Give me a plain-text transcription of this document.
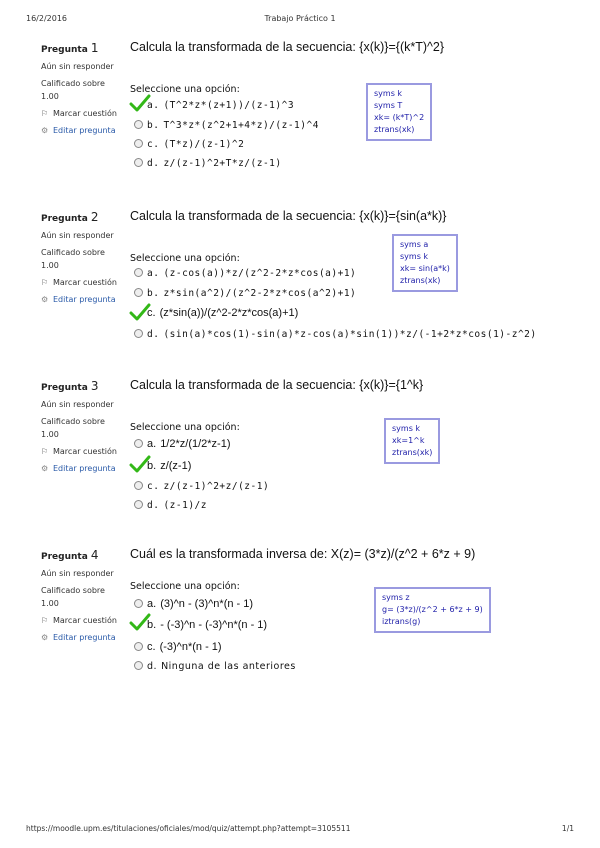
16/2/2016	Trabajo Práctico 1
Pregunta 1
Aún sin responder
Calificado sobre 1.00
⚐ Marcar cuestión
⚙ Editar pregunta
Calcula la transformada de la secuencia: {x(k)}={(k*T)^2}
Seleccione una opción:
a. (T^2*z*(z+1))/(z-1)^3
b. T^3*z*(z^2+1+4*z)/(z-1)^4
c. (T*z)/(z-1)^2
d. z/(z-1)^2+T*z/(z-1)
syms k
syms T
xk= (k*T)^2
ztrans(xk)
Pregunta 2
Aún sin responder
Calificado sobre 1.00
⚐ Marcar cuestión
⚙ Editar pregunta
Calcula la transformada de la secuencia: {x(k)}={sin(a*k)}
Seleccione una opción:
a. (z-cos(a))*z/(z^2-2*z*cos(a)+1)
b. z*sin(a^2)/(z^2-2*z*cos(a^2)+1)
c. (z*sin(a))/(z^2-2*z*cos(a)+1)
d. (sin(a)*cos(1)-sin(a)*z-cos(a)*sin(1))*z/(-1+2*z*cos(1)-z^2)
syms a
syms k
xk= sin(a*k)
ztrans(xk)
Pregunta 3
Aún sin responder
Calificado sobre 1.00
⚐ Marcar cuestión
⚙ Editar pregunta
Calcula la transformada de la secuencia: {x(k)}={1^k}
Seleccione una opción:
a. 1/2*z/(1/2*z-1)
b. z/(z-1)
c. z/(z-1)^2+z/(z-1)
d. (z-1)/z
syms k
xk=1^k
ztrans(xk)
Pregunta 4
Aún sin responder
Calificado sobre 1.00
⚐ Marcar cuestión
⚙ Editar pregunta
Cuál es la transformada inversa de: X(z)= (3*z)/(z^2 + 6*z + 9)
Seleccione una opción:
a. (3)^n - (3)^n*(n - 1)
b. - (-3)^n - (-3)^n*(n - 1)
c. (-3)^n*(n - 1)
d. Ninguna de las anteriores
syms z
g= (3*z)/(z^2 + 6*z + 9)
iztrans(g)
https://moodle.upm.es/titulaciones/oficiales/mod/quiz/attempt.php?attempt=3105511	1/1
